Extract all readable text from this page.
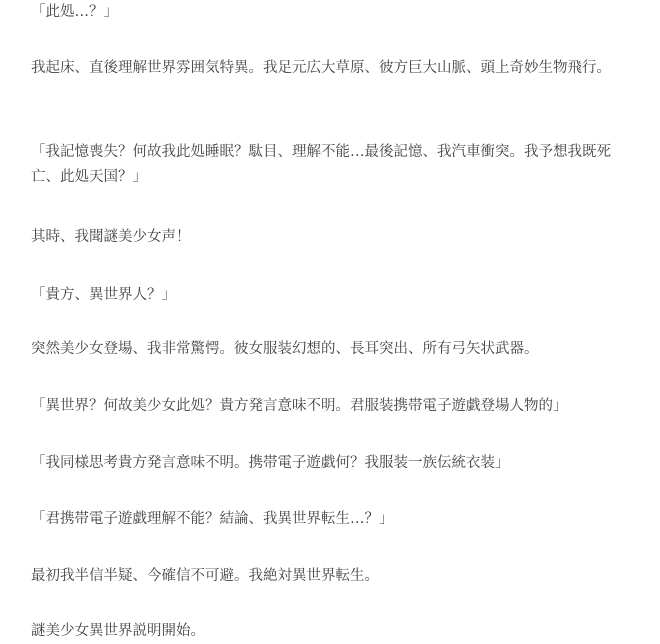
「此処…？」

我起床、直後理解世界雰囲気特異。我足元広大草原、彼方巨大山脈、頭上奇妙生物飛行。

「我記憶喪失？何故我此処睡眠？駄目、理解不能…最後記憶、我汽車衝突。我予想我既死亡、此処天国？」

其時、我聞謎美少女声！

「貴方、異世界人？」

突然美少女登場、我非常驚愕。彼女服装幻想的、長耳突出、所有弓矢状武器。

「異世界？何故美少女此処？貴方発言意味不明。君服装携帯電子遊戯登場人物的」

「我同様思考貴方発言意味不明。携帯電子遊戯何？我服装一族伝統衣装」

「君携帯電子遊戯理解不能？結論、我異世界転生…？」

最初我半信半疑、今確信不可避。我絶対異世界転生。

謎美少女異世界説明開始。
